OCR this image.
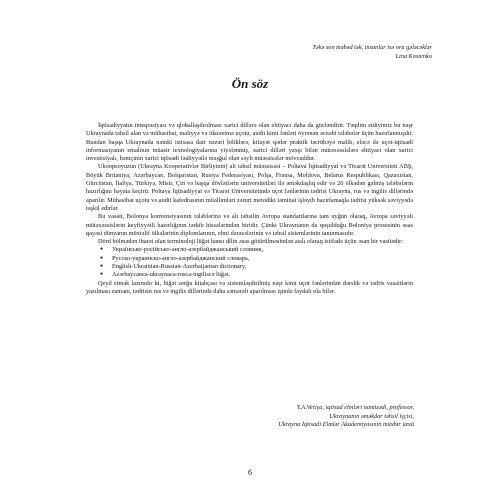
Təkə son məbəd tək, insanlar isə ora gələcəklər
Lina Kostenko
Ön söz

İqtisadiyyatın inteqrasiyası və qloballaşdırılması xarici dillərə olan ehtiyacı daha da gücləndirir. Təqdim etdiyimiz bu nəşr Ukraynada təhsil alan və mühasibat, maliyyə və idarəetmə uçotu, audit kimi fənləri öyrənən əcnəbi tələbələr üçün hazırlanmışdır. Bundan başqa Ukraynada nəinki istisasa dair nəzəri biliklərə, kifayət qədər praktik təcrübəyə malik, eləcə də uçot-iqtisadi informasiyanın emalının müasir texnologiyalarına yiyələnmiş, xarici dilləri yaxşı bilən mütəxəssislərə ehtiyacı olan xarici investisiyalı, həmçinin xarici iqtisadi fəaliyyətlə məşğul olan səyli müəssisələr mövcuddur.

Ukoopsoyuzun (Ukrayna Kooperativlər Birliyinin) ali təhsil müəssisəsi – Poltava İqtisadiyyat və Ticarət Universiteti ABŞ, Böyük Britaniya, Azərbaycan, Bolqarıstan, Rusiya Federasiyası, Polşa, Fransa, Moldova, Belarus Respublikası, Qazaxıstan, Gürcüstan, İtaliya, Türkiyə, Misir, Çin və başqa dövlətlərin universitetləri ilə əməkdaşlıq edir və 20 ölkədən gəlmiş tələbələrin hazırlığını həyata keçirir. Poltava İqtisadiyyat və Ticarət Universitetində uçot fənlərinin tədrisi Ukrayna, rus və ingilis dillərində aparılır. Mühasibat uçotu və audit kafedrasının müəllimləri zəruri metodiki təminat işləyib hazırlamaqla tədrisi yüksək səviyyədə təşkil edirlər.

Bu vasait, Bolonya konvensiyasının tələblərinə və ali təhsilin Avropa standartlarına tam uyğun olaraq, Avropa səviyyəli mütəxəssislərin keyfiyyətli hazırlığının tərkib hissələrindən biridir. Çünki Ukraynanın da qoşulduğu Boloniya prosesinin əsas qayəsi dünyanın müxtəlif ölkələrinin diplomlarının, elmi dərəcələrinin və təhsil sistemlərinin tanınmasıdır.

Dörd bölmədən ibarət olan terminoloji lüğət hansı dilin əsas götürülməsindən asılı olaraq istifadə üçün əsan bir vasitədir:

● Українсько-російсько-англо-азербайджанський словник,
● Русско-украинско-англо-азербайджанский словарь,
● English-Ukrainian-Russian-Azerbaijanian dictionary,
● Azərbaycanca-ukraynaca-rusca-ingiliscə lüğət.

Qeyd etmək lazımdır ki, lüğət sorğu kitabçası və sistemləşdirilmiş nəşr kimi uçot fənlərindən dərslik və tədris vasaitlərin yazılması zamanı, tədrisin rus və ingilis dillərində daha səmərəli aparılması işində faydalı ola bilər.

Y.A.Verişa, iqtisad elmləri namizədi, professor,
Ukraynanın əməkdar təhsil işçisi,
Ukrayna İqtisadi Elmlər Akademiyasının müxbir üzvü
6
